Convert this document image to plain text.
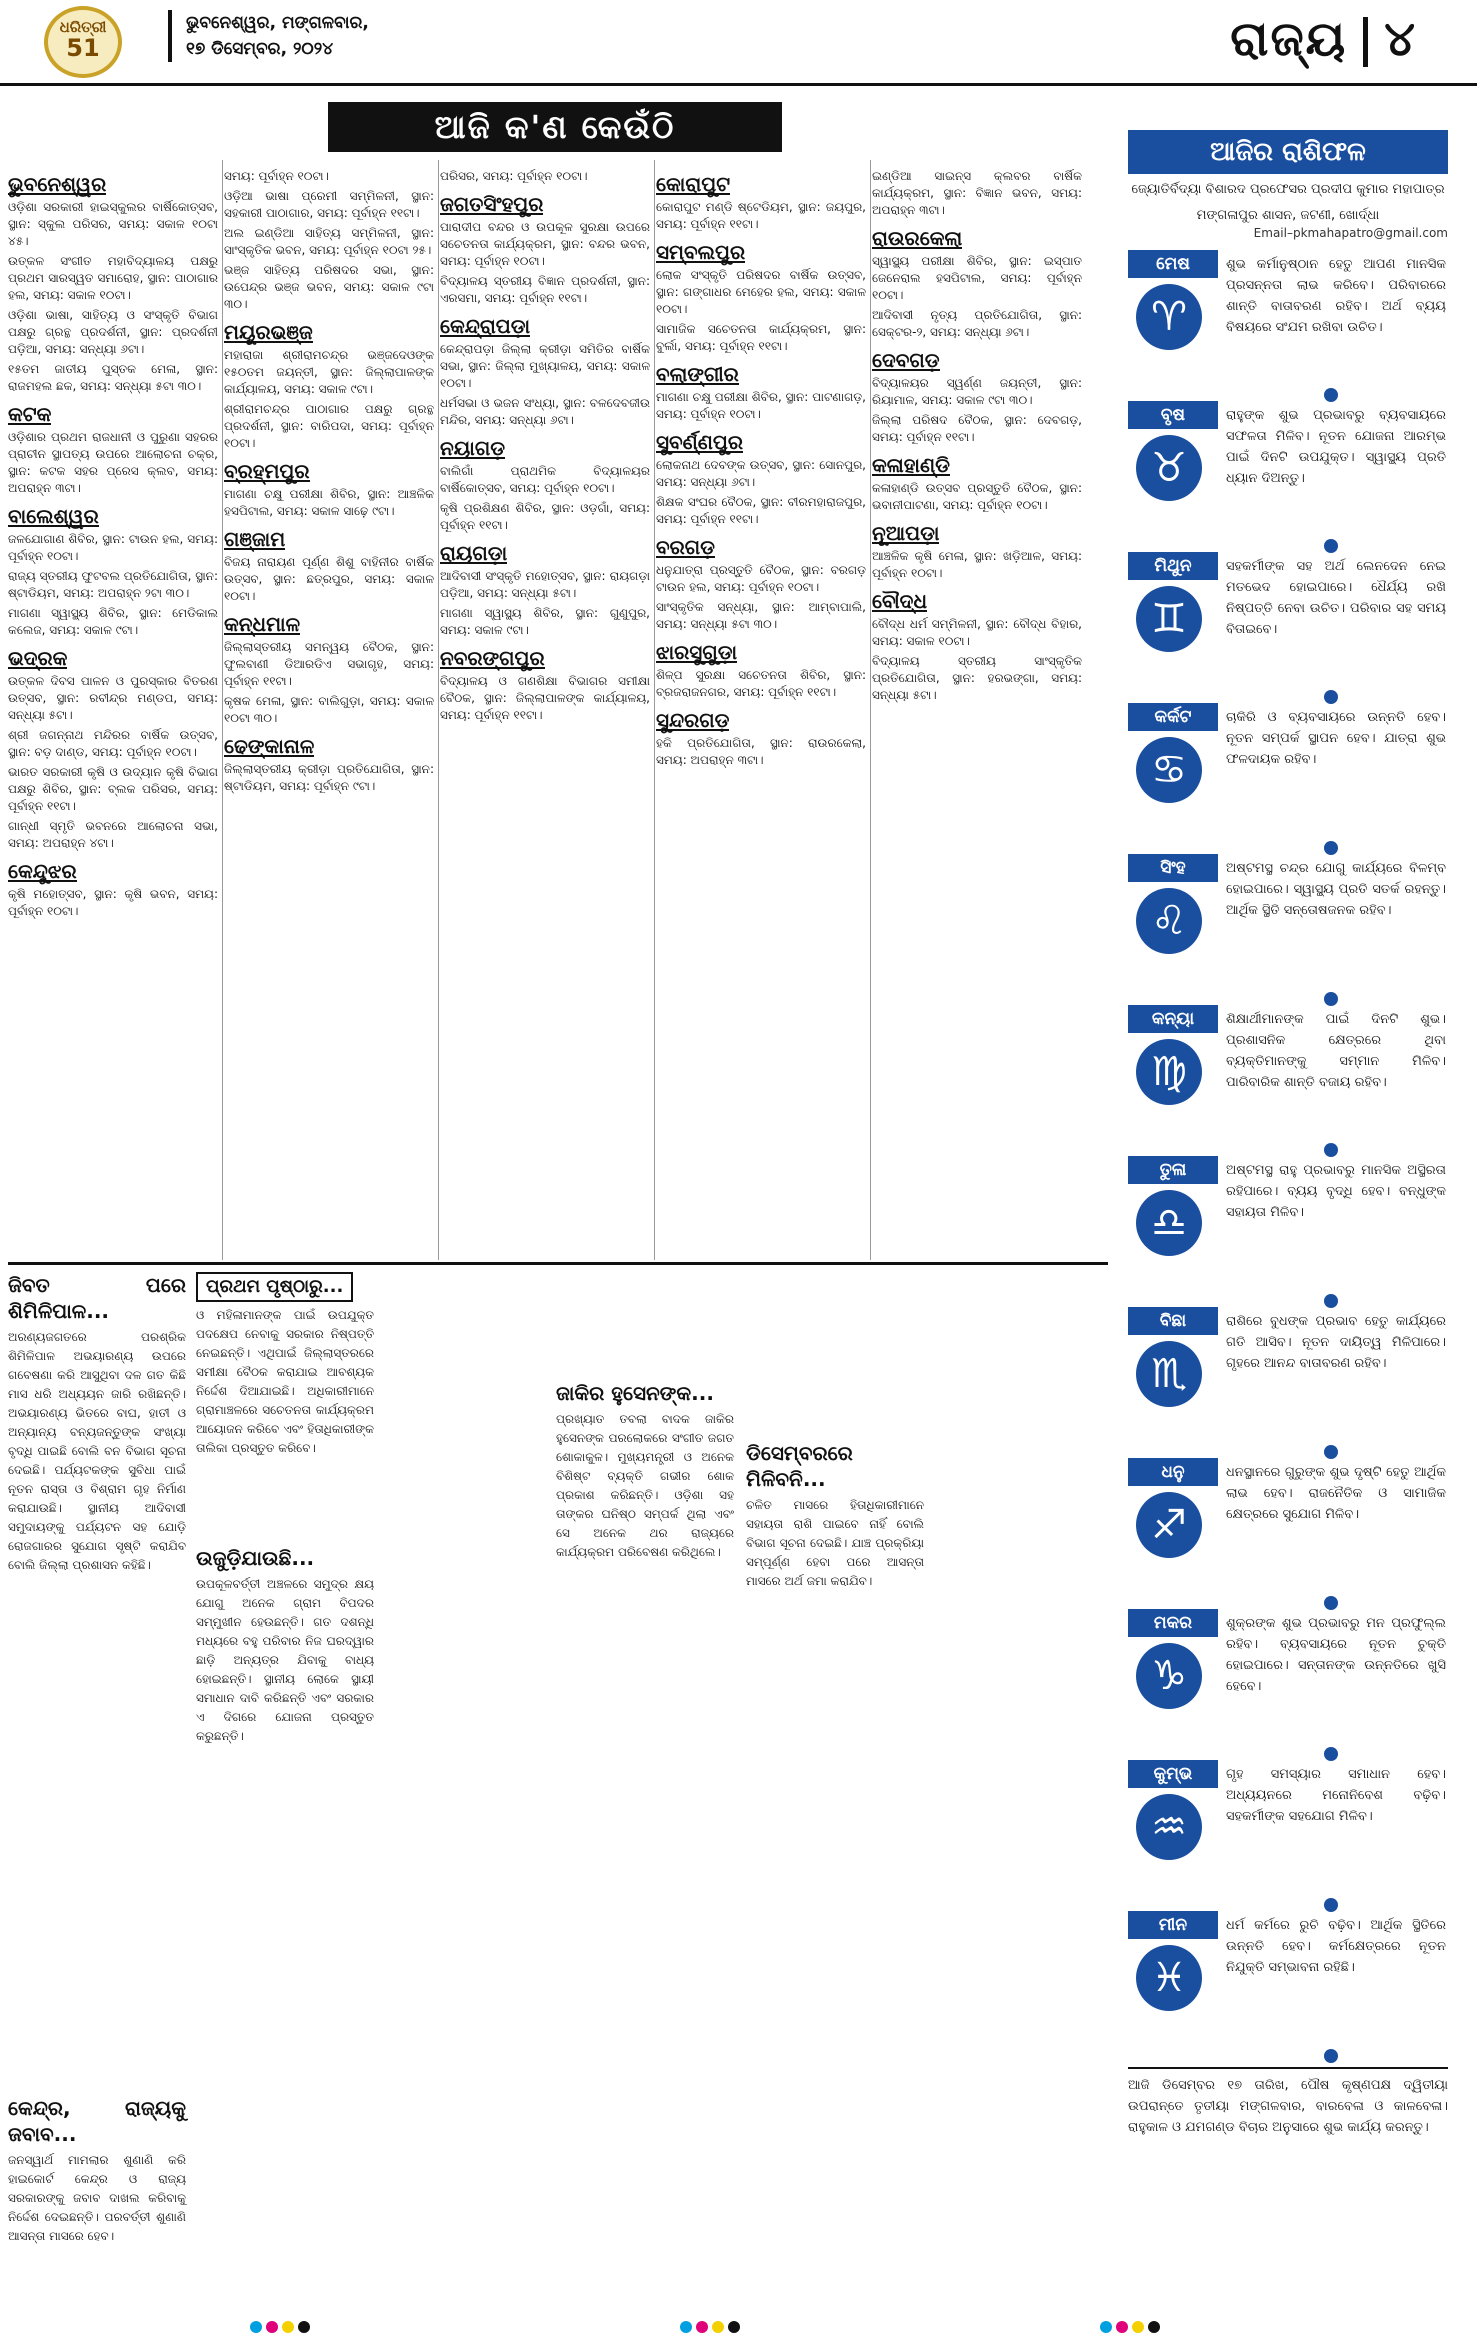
ଧରିତ୍ରୀ
51
ଭୁବନେଶ୍ୱର, ମଙ୍ଗଳବାର,
୧୭ ଡିସେମ୍ବର, ୨୦୨୪	ରାଜ୍ୟ ୪
ଆଜି କ'ଣ କେଉଁଠି
ଭୁବନେଶ୍ୱର

ଓଡ଼ିଶା ସରକାରୀ ହାଇସ୍କୁଲର ବାର୍ଷିକୋତ୍ସବ, ସ୍ଥାନ: ସ୍କୁଲ ପରିସର, ସମୟ: ସକାଳ ୧୦ଟା ୪୫।

ଉତ୍କଳ ସଂଗୀତ ମହାବିଦ୍ୟାଳୟ ପକ୍ଷରୁ ପ୍ରଥମ ସାରସ୍ୱତ ସମାରୋହ, ସ୍ଥାନ: ପାଠାଗାର ହଲ, ସମୟ: ସକାଳ ୧୦ଟା।

ଓଡ଼ିଶା ଭାଷା, ସାହିତ୍ୟ ଓ ସଂସ୍କୃତି ବିଭାଗ ପକ୍ଷରୁ ଗ୍ରନ୍ଥ ପ୍ରଦର୍ଶନୀ, ସ୍ଥାନ: ପ୍ରଦର୍ଶନୀ ପଡ଼ିଆ, ସମୟ: ସନ୍ଧ୍ୟା ୬ଟା।

୧୫ତମ ଜାତୀୟ ପୁସ୍ତକ ମେଳା, ସ୍ଥାନ: ରାଜମହଲ ଛକ, ସମୟ: ସନ୍ଧ୍ୟା ୫ଟା ୩୦।

କଟକ

ଓଡ଼ିଶାର ପ୍ରଥମ ରାଜଧାନୀ ଓ ପୁରୁଣା ସହରର ପ୍ରାଚୀନ ସ୍ଥାପତ୍ୟ ଉପରେ ଆଲୋଚନା ଚକ୍ର, ସ୍ଥାନ: କଟକ ସହର ପ୍ରେସ କ୍ଲବ, ସମୟ: ଅପରାହ୍ନ ୩ଟା।

ବାଲେଶ୍ୱର

ଜଳଯୋଗାଣ ଶିବିର, ସ୍ଥାନ: ଟାଉନ ହଲ, ସମୟ: ପୂର୍ବାହ୍ନ ୧୦ଟା।

ରାଜ୍ୟ ସ୍ତରୀୟ ଫୁଟବଲ ପ୍ରତିଯୋଗିତା, ସ୍ଥାନ: ଷ୍ଟାଡିୟମ, ସମୟ: ଅପରାହ୍ନ ୨ଟା ୩୦।

ମାଗଣା ସ୍ୱାସ୍ଥ୍ୟ ଶିବିର, ସ୍ଥାନ: ମେଡିକାଲ କଲେଜ, ସମୟ: ସକାଳ ୯ଟା।

ଭଦ୍ରକ

ଉତ୍କଳ ଦିବସ ପାଳନ ଓ ପୁରସ୍କାର ବିତରଣ ଉତ୍ସବ, ସ୍ଥାନ: ରବୀନ୍ଦ୍ର ମଣ୍ଡପ, ସମୟ: ସନ୍ଧ୍ୟା ୫ଟା।

ଶ୍ରୀ ଜଗନ୍ନାଥ ମନ୍ଦିରର ବାର୍ଷିକ ଉତ୍ସବ, ସ୍ଥାନ: ବଡ଼ ଦାଣ୍ଡ, ସମୟ: ପୂର୍ବାହ୍ନ ୧୦ଟା।

ଭାରତ ସରକାରୀ କୃଷି ଓ ଉଦ୍ୟାନ କୃଷି ବିଭାଗ ପକ୍ଷରୁ ଶିବିର, ସ୍ଥାନ: ବ୍ଲକ ପରିସର, ସମୟ: ପୂର୍ବାହ୍ନ ୧୧ଟା।

ଗାନ୍ଧୀ ସ୍ମୃତି ଭବନରେ ଆଲୋଚନା ସଭା, ସମୟ: ଅପରାହ୍ନ ୪ଟା।

କେନ୍ଦୁଝର

କୃଷି ମହୋତ୍ସବ, ସ୍ଥାନ: କୃଷି ଭବନ, ସମୟ: ପୂର୍ବାହ୍ନ ୧୦ଟା।

ସମୟ: ପୂର୍ବାହ୍ନ ୧୦ଟା।

ଓଡ଼ିଆ ଭାଷା ପ୍ରେମୀ ସମ୍ମିଳନୀ, ସ୍ଥାନ: ସହକାରୀ ପାଠାଗାର, ସମୟ: ପୂର୍ବାହ୍ନ ୧୧ଟା।

ଅଲ ଇଣ୍ଡିଆ ସାହିତ୍ୟ ସମ୍ମିଳନୀ, ସ୍ଥାନ: ସାଂସ୍କୃତିକ ଭବନ, ସମୟ: ପୂର୍ବାହ୍ନ ୧୦ଟା ୨୫।

ଭଞ୍ଜ ସାହିତ୍ୟ ପରିଷଦର ସଭା, ସ୍ଥାନ: ଉପେନ୍ଦ୍ର ଭଞ୍ଜ ଭବନ, ସମୟ: ସକାଳ ୯ଟା ୩୦।

ମୟୂରଭଞ୍ଜ

ମହାରାଜା ଶ୍ରୀରାମଚନ୍ଦ୍ର ଭଞ୍ଜଦେଓଙ୍କ ୧୫୦ତମ ଜୟନ୍ତୀ, ସ୍ଥାନ: ଜିଲ୍ଲାପାଳଙ୍କ କାର୍ଯ୍ୟାଳୟ, ସମୟ: ସକାଳ ୯ଟା।

ଶ୍ରୀରାମଚନ୍ଦ୍ର ପାଠାଗାର ପକ୍ଷରୁ ଗ୍ରନ୍ଥ ପ୍ରଦର୍ଶନୀ, ସ୍ଥାନ: ବାରିପଦା, ସମୟ: ପୂର୍ବାହ୍ନ ୧୦ଟା।

ବ୍ରହ୍ମପୁର

ମାଗଣା ଚକ୍ଷୁ ପରୀକ୍ଷା ଶିବିର, ସ୍ଥାନ: ଆଞ୍ଚଳିକ ହସପିଟାଲ, ସମୟ: ସକାଳ ସାଢ଼େ ୯ଟା।

ଗଞ୍ଜାମ

ବିଜୟ ନାରାୟଣ ପୂର୍ଣ୍ଣ ଶିଶୁ ବାହିନୀର ବାର୍ଷିକ ଉତ୍ସବ, ସ୍ଥାନ: ଛତ୍ରପୁର, ସମୟ: ସକାଳ ୧୦ଟା।

କନ୍ଧମାଳ

ଜିଲ୍ଲାସ୍ତରୀୟ ସମନ୍ୱୟ ବୈଠକ, ସ୍ଥାନ: ଫୁଲବାଣୀ ଡିଆରଡିଏ ସଭାଗୃହ, ସମୟ: ପୂର୍ବାହ୍ନ ୧୧ଟା।

କୃଷକ ମେଳା, ସ୍ଥାନ: ବାଲିଗୁଡ଼ା, ସମୟ: ସକାଳ ୧୦ଟା ୩୦।

ଢେଙ୍କାନାଳ

ଜିଲ୍ଲାସ୍ତରୀୟ କ୍ରୀଡ଼ା ପ୍ରତିଯୋଗିତା, ସ୍ଥାନ: ଷ୍ଟାଡିୟମ, ସମୟ: ପୂର୍ବାହ୍ନ ୯ଟା।

ପରିସର, ସମୟ: ପୂର୍ବାହ୍ନ ୧୦ଟା।

ଜଗତସିଂହପୁର

ପାରାଦୀପ ବନ୍ଦର ଓ ଉପକୂଳ ସୁରକ୍ଷା ଉପରେ ସଚେତନତା କାର୍ଯ୍ୟକ୍ରମ, ସ୍ଥାନ: ବନ୍ଦର ଭବନ, ସମୟ: ପୂର୍ବାହ୍ନ ୧୦ଟା।

ବିଦ୍ୟାଳୟ ସ୍ତରୀୟ ବିଜ୍ଞାନ ପ୍ରଦର୍ଶନୀ, ସ୍ଥାନ: ଏରସମା, ସମୟ: ପୂର୍ବାହ୍ନ ୧୧ଟା।

କେନ୍ଦ୍ରାପଡ଼ା

କେନ୍ଦ୍ରାପଡ଼ା ଜିଲ୍ଲା କ୍ରୀଡ଼ା ସମିତିର ବାର୍ଷିକ ସଭା, ସ୍ଥାନ: ଜିଲ୍ଲା ମୁଖ୍ୟାଳୟ, ସମୟ: ସକାଳ ୧୦ଟା।

ଧର୍ମସଭା ଓ ଭଜନ ସଂଧ୍ୟା, ସ୍ଥାନ: ବଳଦେବଜୀଉ ମନ୍ଦିର, ସମୟ: ସନ୍ଧ୍ୟା ୬ଟା।

ନୟାଗଡ଼

ବାଲିଗାଁ ପ୍ରାଥମିକ ବିଦ୍ୟାଳୟର ବାର୍ଷିକୋତ୍ସବ, ସମୟ: ପୂର୍ବାହ୍ନ ୧୦ଟା।

କୃଷି ପ୍ରଶିକ୍ଷଣ ଶିବିର, ସ୍ଥାନ: ଓଡ଼ଗାଁ, ସମୟ: ପୂର୍ବାହ୍ନ ୧୧ଟା।

ରାୟଗଡ଼ା

ଆଦିବାସୀ ସଂସ୍କୃତି ମହୋତ୍ସବ, ସ୍ଥାନ: ରାୟଗଡ଼ା ପଡ଼ିଆ, ସମୟ: ସନ୍ଧ୍ୟା ୫ଟା।

ମାଗଣା ସ୍ୱାସ୍ଥ୍ୟ ଶିବିର, ସ୍ଥାନ: ଗୁଣୁପୁର, ସମୟ: ସକାଳ ୯ଟା।

ନବରଙ୍ଗପୁର

ବିଦ୍ୟାଳୟ ଓ ଗଣଶିକ୍ଷା ବିଭାଗର ସମୀକ୍ଷା ବୈଠକ, ସ୍ଥାନ: ଜିଲ୍ଲାପାଳଙ୍କ କାର୍ଯ୍ୟାଳୟ, ସମୟ: ପୂର୍ବାହ୍ନ ୧୧ଟା।

କୋରାପୁଟ

କୋରାପୁଟ ମଣ୍ଡି ଷ୍ଟେଡିୟମ, ସ୍ଥାନ: ଜୟପୁର, ସମୟ: ପୂର୍ବାହ୍ନ ୧୧ଟା।

ସମ୍ବଲପୁର

ଲୋକ ସଂସ୍କୃତି ପରିଷଦର ବାର୍ଷିକ ଉତ୍ସବ, ସ୍ଥାନ: ଗଙ୍ଗାଧର ମେହେର ହଲ, ସମୟ: ସକାଳ ୧୦ଟା।

ସାମାଜିକ ସଚେତନତା କାର୍ଯ୍ୟକ୍ରମ, ସ୍ଥାନ: ବୁର୍ଲା, ସମୟ: ପୂର୍ବାହ୍ନ ୧୧ଟା।

ବଲାଙ୍ଗୀର

ମାଗଣା ଚକ୍ଷୁ ପରୀକ୍ଷା ଶିବିର, ସ୍ଥାନ: ପାଟଣାଗଡ଼, ସମୟ: ପୂର୍ବାହ୍ନ ୧୦ଟା।

ସୁବର୍ଣ୍ଣପୁର

ଲୋକନାଥ ଦେବଙ୍କ ଉତ୍ସବ, ସ୍ଥାନ: ସୋନପୁର, ସମୟ: ସନ୍ଧ୍ୟା ୬ଟା।

ଶିକ୍ଷକ ସଂଘର ବୈଠକ, ସ୍ଥାନ: ବୀରମହାରାଜପୁର, ସମୟ: ପୂର୍ବାହ୍ନ ୧୧ଟା।

ବରଗଡ଼

ଧନୁଯାତ୍ରା ପ୍ରସ୍ତୁତି ବୈଠକ, ସ୍ଥାନ: ବରଗଡ଼ ଟାଉନ ହଲ, ସମୟ: ପୂର୍ବାହ୍ନ ୧୦ଟା।

ସାଂସ୍କୃତିକ ସନ୍ଧ୍ୟା, ସ୍ଥାନ: ଆମ୍ବାପାଲି, ସମୟ: ସନ୍ଧ୍ୟା ୫ଟା ୩୦।

ଝାରସୁଗୁଡ଼ା

ଶିଳ୍ପ ସୁରକ୍ଷା ସଚେତନତା ଶିବିର, ସ୍ଥାନ: ବ୍ରଜରାଜନଗର, ସମୟ: ପୂର୍ବାହ୍ନ ୧୧ଟା।

ସୁନ୍ଦରଗଡ଼

ହକି ପ୍ରତିଯୋଗିତା, ସ୍ଥାନ: ରାଉରକେଲା, ସମୟ: ଅପରାହ୍ନ ୩ଟା।

ଇଣ୍ଡିଆ ସାଇନ୍ସ କ୍ଲବର ବାର୍ଷିକ କାର୍ଯ୍ୟକ୍ରମ, ସ୍ଥାନ: ବିଜ୍ଞାନ ଭବନ, ସମୟ: ଅପରାହ୍ନ ୩ଟା।

ରାଉରକେଲା

ସ୍ୱାସ୍ଥ୍ୟ ପରୀକ୍ଷା ଶିବିର, ସ୍ଥାନ: ଇସ୍ପାତ ଜେନେରାଲ ହସପିଟାଲ, ସମୟ: ପୂର୍ବାହ୍ନ ୧୦ଟା।

ଆଦିବାସୀ ନୃତ୍ୟ ପ୍ରତିଯୋଗିତା, ସ୍ଥାନ: ସେକ୍ଟର-୨, ସମୟ: ସନ୍ଧ୍ୟା ୬ଟା।

ଦେବଗଡ଼

ବିଦ୍ୟାଳୟର ସ୍ୱର୍ଣ୍ଣ ଜୟନ୍ତୀ, ସ୍ଥାନ: ରିୟାମାଳ, ସମୟ: ସକାଳ ୯ଟା ୩୦।

ଜିଲ୍ଲା ପରିଷଦ ବୈଠକ, ସ୍ଥାନ: ଦେବଗଡ଼, ସମୟ: ପୂର୍ବାହ୍ନ ୧୧ଟା।

କଳାହାଣ୍ଡି

କଳାହାଣ୍ଡି ଉତ୍ସବ ପ୍ରସ୍ତୁତି ବୈଠକ, ସ୍ଥାନ: ଭବାନୀପାଟଣା, ସମୟ: ପୂର୍ବାହ୍ନ ୧୦ଟା।

ନୂଆପଡ଼ା

ଆଞ୍ଚଳିକ କୃଷି ମେଳା, ସ୍ଥାନ: ଖଡ଼ିଆଳ, ସମୟ: ପୂର୍ବାହ୍ନ ୧୦ଟା।

ବୌଦ୍ଧ

ବୌଦ୍ଧ ଧର୍ମ ସମ୍ମିଳନୀ, ସ୍ଥାନ: ବୌଦ୍ଧ ବିହାର, ସମୟ: ସକାଳ ୧୦ଟା।

ବିଦ୍ୟାଳୟ ସ୍ତରୀୟ ସାଂସ୍କୃତିକ ପ୍ରତିଯୋଗିତା, ସ୍ଥାନ: ହରଭଙ୍ଗା, ସମୟ: ସନ୍ଧ୍ୟା ୫ଟା।

ଆଜିର ରାଶିଫଳ
ଜ୍ୟୋତିର୍ବିଦ୍ୟା ବିଶାରଦ ପ୍ରଫେସର ପ୍ରଦୀପ କୁମାର ମହାପାତ୍ର
ମଙ୍ଗଳାପୁର ଶାସନ, ଜଟଣୀ, ଖୋର୍ଦ୍ଧା
Email–pkmahapatro@gmail.com
ମେଷ
♈
ଶୁଭ କର୍ମାନୁଷ୍ଠାନ ହେତୁ ଆପଣ ମାନସିକ ପ୍ରସନ୍ନତା ଲାଭ କରିବେ। ପରିବାରରେ ଶାନ୍ତି ବାତାବରଣ ରହିବ। ଅର୍ଥ ବ୍ୟୟ ବିଷୟରେ ସଂଯମ ରଖିବା ଉଚିତ।
ବୃଷ
♉
ରାହୁଙ୍କ ଶୁଭ ପ୍ରଭାବରୁ ବ୍ୟବସାୟରେ ସଫଳତା ମିଳିବ। ନୂତନ ଯୋଜନା ଆରମ୍ଭ ପାଇଁ ଦିନଟି ଉପଯୁକ୍ତ। ସ୍ୱାସ୍ଥ୍ୟ ପ୍ରତି ଧ୍ୟାନ ଦିଅନ୍ତୁ।
ମିଥୁନ
♊
ସହକର୍ମୀଙ୍କ ସହ ଅର୍ଥ ଲେନଦେନ ନେଇ ମତଭେଦ ହୋଇପାରେ। ଧୈର୍ଯ୍ୟ ରଖି ନିଷ୍ପତ୍ତି ନେବା ଉଚିତ। ପରିବାର ସହ ସମୟ ବିତାଇବେ।
କର୍କଟ
♋
ଚାକିରି ଓ ବ୍ୟବସାୟରେ ଉନ୍ନତି ହେବ। ନୂତନ ସମ୍ପର୍କ ସ୍ଥାପନ ହେବ। ଯାତ୍ରା ଶୁଭ ଫଳଦାୟକ ରହିବ।
ସିଂହ
♌
ଅଷ୍ଟମସ୍ଥ ଚନ୍ଦ୍ର ଯୋଗୁ କାର୍ଯ୍ୟରେ ବିଳମ୍ବ ହୋଇପାରେ। ସ୍ୱାସ୍ଥ୍ୟ ପ୍ରତି ସତର୍କ ରହନ୍ତୁ। ଆର୍ଥିକ ସ୍ଥିତି ସନ୍ତୋଷଜନକ ରହିବ।
କନ୍ୟା
♍
ଶିକ୍ଷାର୍ଥୀମାନଙ୍କ ପାଇଁ ଦିନଟି ଶୁଭ। ପ୍ରଶାସନିକ କ୍ଷେତ୍ରରେ ଥିବା ବ୍ୟକ୍ତିମାନଙ୍କୁ ସମ୍ମାନ ମିଳିବ। ପାରିବାରିକ ଶାନ୍ତି ବଜାୟ ରହିବ।
ତୁଳା
♎
ଅଷ୍ଟମସ୍ଥ ରାହୁ ପ୍ରଭାବରୁ ମାନସିକ ଅସ୍ଥିରତା ରହିପାରେ। ବ୍ୟୟ ବୃଦ୍ଧି ହେବ। ବନ୍ଧୁଙ୍କ ସହାୟତା ମିଳିବ।
ବିଛା
♏
ରାଶିରେ ବୁଧଙ୍କ ପ୍ରଭାବ ହେତୁ କାର୍ଯ୍ୟରେ ଗତି ଆସିବ। ନୂତନ ଦାୟିତ୍ୱ ମିଳିପାରେ। ଗୃହରେ ଆନନ୍ଦ ବାତାବରଣ ରହିବ।
ଧନୁ
♐
ଧନସ୍ଥାନରେ ଗୁରୁଙ୍କ ଶୁଭ ଦୃଷ୍ଟି ହେତୁ ଆର୍ଥିକ ଲାଭ ହେବ। ରାଜନୈତିକ ଓ ସାମାଜିକ କ୍ଷେତ୍ରରେ ସୁଯୋଗ ମିଳିବ।
ମକର
♑
ଶୁକ୍ରଙ୍କ ଶୁଭ ପ୍ରଭାବରୁ ମନ ପ୍ରଫୁଲ୍ଲ ରହିବ। ବ୍ୟବସାୟରେ ନୂତନ ଚୁକ୍ତି ହୋଇପାରେ। ସନ୍ତାନଙ୍କ ଉନ୍ନତିରେ ଖୁସି ହେବେ।
କୁମ୍ଭ
♒
ଗୃହ ସମସ୍ୟାର ସମାଧାନ ହେବ। ଅଧ୍ୟୟନରେ ମନୋନିବେଶ ବଢ଼ିବ। ସହକର୍ମୀଙ୍କ ସହଯୋଗ ମିଳିବ।
ମୀନ
♓
ଧର୍ମ କର୍ମରେ ରୁଚି ବଢ଼ିବ। ଆର୍ଥିକ ସ୍ଥିତିରେ ଉନ୍ନତି ହେବ। କର୍ମକ୍ଷେତ୍ରରେ ନୂତନ ନିଯୁକ୍ତି ସମ୍ଭାବନା ରହିଛି।
ଆଜି ଡିସେମ୍ବର ୧୭ ତାରିଖ, ପୌଷ କୃଷ୍ଣପକ୍ଷ ଦ୍ୱିତୀୟା ଉପରାନ୍ତେ ତୃତୀୟା ମଙ୍ଗଳବାର, ବାରବେଳା ଓ କାଳବେଳା। ରାହୁକାଳ ଓ ଯମଗଣ୍ଡ ବିଚାର ଅନୁସାରେ ଶୁଭ କାର୍ଯ୍ୟ କରନ୍ତୁ।
ଜିବତ ପରେ ଶିମିଳିପାଳ...
ଅରଣ୍ୟଜଗତରେ ପରଶ୍ରିକ ଶିମିଳିପାଳ ଅଭୟାରଣ୍ୟ ଉପରେ ଗବେଷଣା କରି ଆସୁଥିବା ଦଳ ଗତ କିଛି ମାସ ଧରି ଅଧ୍ୟୟନ ଜାରି ରଖିଛନ୍ତି। ଅଭୟାରଣ୍ୟ ଭିତରେ ବାଘ, ହାତୀ ଓ ଅନ୍ୟାନ୍ୟ ବନ୍ୟଜନ୍ତୁଙ୍କ ସଂଖ୍ୟା ବୃଦ୍ଧି ପାଇଛି ବୋଲି ବନ ବିଭାଗ ସୂଚନା ଦେଇଛି। ପର୍ଯ୍ୟଟକଙ୍କ ସୁବିଧା ପାଇଁ ନୂତନ ରାସ୍ତା ଓ ବିଶ୍ରାମ ଗୃହ ନିର୍ମାଣ କରାଯାଉଛି। ସ୍ଥାନୀୟ ଆଦିବାସୀ ସମୁଦାୟଙ୍କୁ ପର୍ଯ୍ୟଟନ ସହ ଯୋଡ଼ି ରୋଜଗାରର ସୁଯୋଗ ସୃଷ୍ଟି କରାଯିବ ବୋଲି ଜିଲ୍ଲା ପ୍ରଶାସନ କହିଛି।
କେନ୍ଦ୍ର, ରାଜ୍ୟକୁ ଜବାବ...
ଜନସ୍ୱାର୍ଥ ମାମଲାର ଶୁଣାଣି କରି ହାଇକୋର୍ଟ କେନ୍ଦ୍ର ଓ ରାଜ୍ୟ ସରକାରଙ୍କୁ ଜବାବ ଦାଖଲ କରିବାକୁ ନିର୍ଦ୍ଦେଶ ଦେଇଛନ୍ତି। ପରବର୍ତ୍ତୀ ଶୁଣାଣି ଆସନ୍ତା ମାସରେ ହେବ।
ପ୍ରଥମ ପୃଷ୍ଠାରୁ...
ଓ ମହିଳାମାନଙ୍କ ପାଇଁ ଉପଯୁକ୍ତ ପଦକ୍ଷେପ ନେବାକୁ ସରକାର ନିଷ୍ପତ୍ତି ନେଇଛନ୍ତି। ଏଥିପାଇଁ ଜିଲ୍ଲାସ୍ତରରେ ସମୀକ୍ଷା ବୈଠକ କରାଯାଇ ଆବଶ୍ୟକ ନିର୍ଦ୍ଦେଶ ଦିଆଯାଇଛି। ଅଧିକାରୀମାନେ ଗ୍ରାମାଞ୍ଚଳରେ ସଚେତନତା କାର୍ଯ୍ୟକ୍ରମ ଆୟୋଜନ କରିବେ ଏବଂ ହିତାଧିକାରୀଙ୍କ ତାଲିକା ପ୍ରସ୍ତୁତ କରିବେ।
ଉଜୁଡ଼ିଯାଉଛି...
ଉପକୂଳବର୍ତ୍ତୀ ଅଞ୍ଚଳରେ ସମୁଦ୍ର କ୍ଷୟ ଯୋଗୁ ଅନେକ ଗ୍ରାମ ବିପଦର ସମ୍ମୁଖୀନ ହେଉଛନ୍ତି। ଗତ ଦଶନ୍ଧି ମଧ୍ୟରେ ବହୁ ପରିବାର ନିଜ ଘରଦ୍ୱାର ଛାଡ଼ି ଅନ୍ୟତ୍ର ଯିବାକୁ ବାଧ୍ୟ ହୋଇଛନ୍ତି। ସ୍ଥାନୀୟ ଲୋକେ ସ୍ଥାୟୀ ସମାଧାନ ଦାବି କରିଛନ୍ତି ଏବଂ ସରକାର ଏ ଦିଗରେ ଯୋଜନା ପ୍ରସ୍ତୁତ କରୁଛନ୍ତି।
ଜାକିର ହୁସେନଙ୍କ...
ପ୍ରଖ୍ୟାତ ତବଲା ବାଦକ ଜାକିର ହୁସେନଙ୍କ ପରଲୋକରେ ସଂଗୀତ ଜଗତ ଶୋକାକୁଳ। ମୁଖ୍ୟମନ୍ତ୍ରୀ ଓ ଅନେକ ବିଶିଷ୍ଟ ବ୍ୟକ୍ତି ଗଭୀର ଶୋକ ପ୍ରକାଶ କରିଛନ୍ତି। ଓଡ଼ିଶା ସହ ତାଙ୍କର ଘନିଷ୍ଠ ସମ୍ପର୍କ ଥିଲା ଏବଂ ସେ ଅନେକ ଥର ରାଜ୍ୟରେ କାର୍ଯ୍ୟକ୍ରମ ପରିବେଷଣ କରିଥିଲେ।
ଡିସେମ୍ବରରେ ମିଳିବନି...
ଚଳିତ ମାସରେ ହିତାଧିକାରୀମାନେ ସହାୟତା ରାଶି ପାଇବେ ନାହିଁ ବୋଲି ବିଭାଗ ସୂଚନା ଦେଇଛି। ଯାଞ୍ଚ ପ୍ରକ୍ରିୟା ସମ୍ପୂର୍ଣ୍ଣ ହେବା ପରେ ଆସନ୍ତା ମାସରେ ଅର୍ଥ ଜମା କରାଯିବ।
